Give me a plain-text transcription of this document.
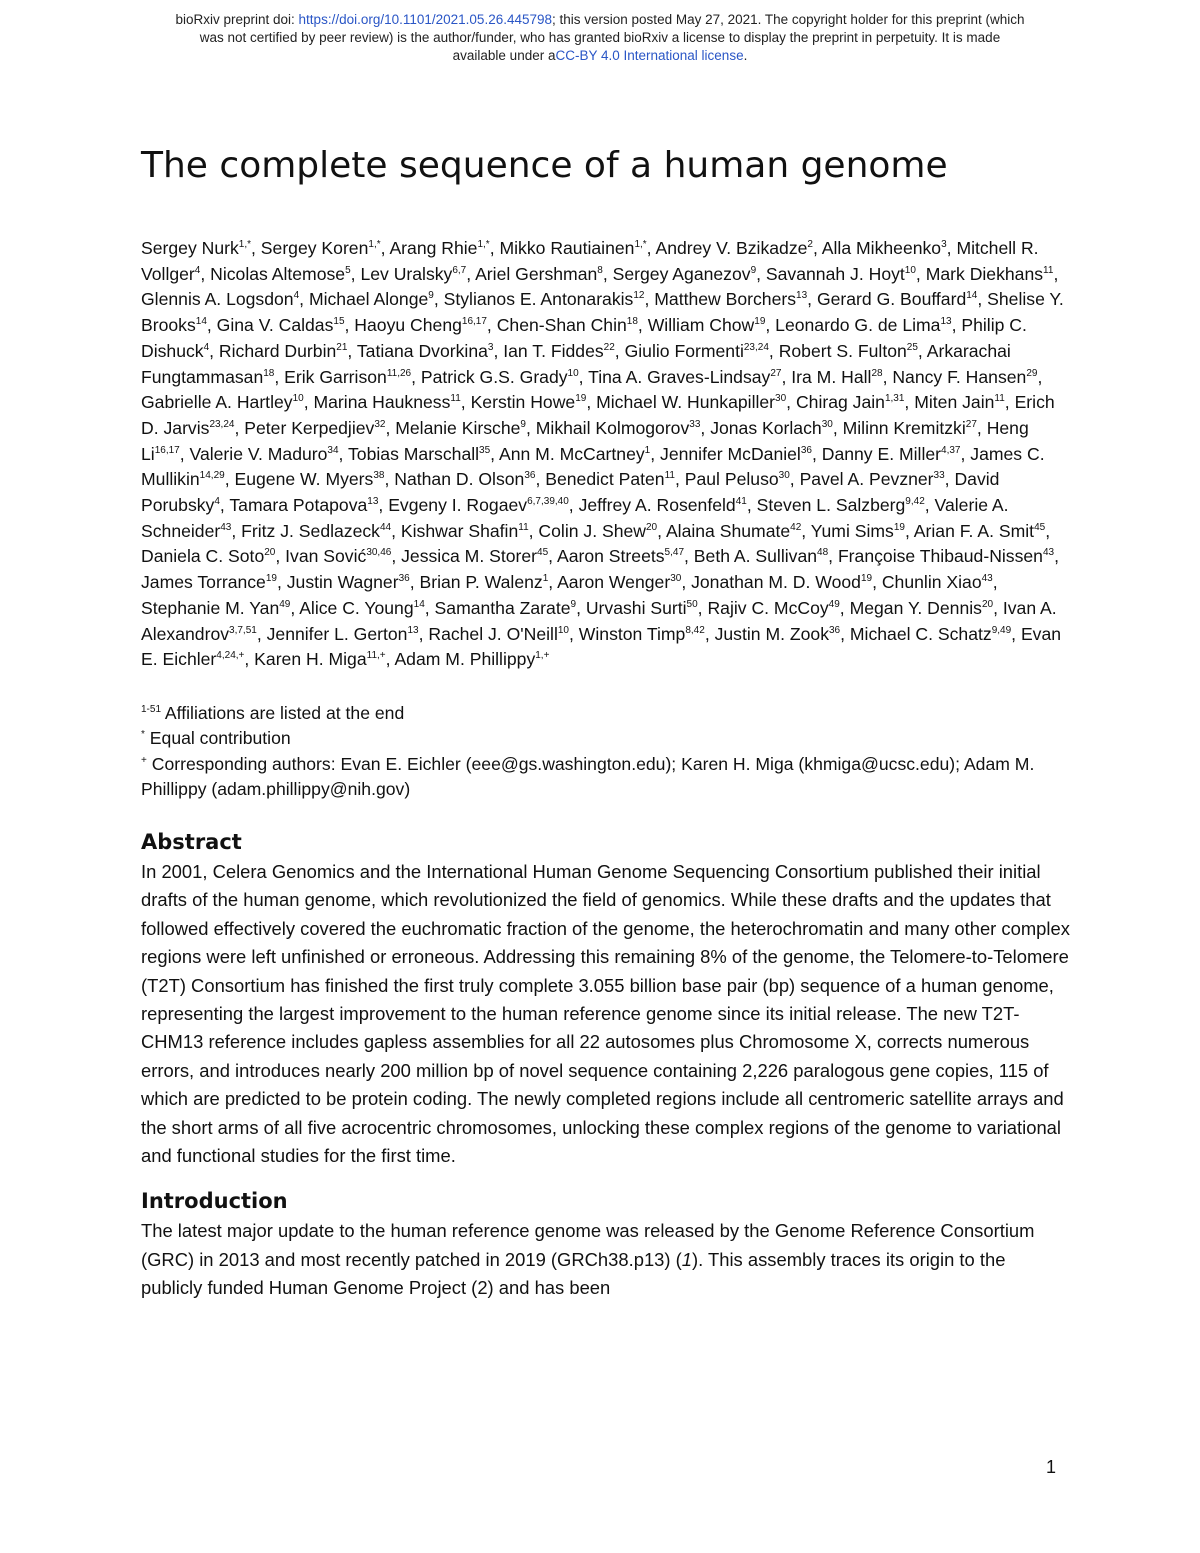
bioRxiv preprint doi: https://doi.org/10.1101/2021.05.26.445798; this version posted May 27, 2021. The copyright holder for this preprint (which
was not certified by peer review) is the author/funder, who has granted bioRxiv a license to display the preprint in perpetuity. It is made
available under aCC-BY 4.0 International license.
The complete sequence of a human genome

Sergey Nurk$^{1,*}$, Sergey Koren$^{1,*}$, Arang Rhie$^{1,*}$, Mikko Rautiainen$^{1,*}$, Andrey V. Bzikadze$^2$, Alla Mikheenko$^3$, Mitchell R. Vollger$^4$, Nicolas Altemose$^5$, Lev Uralsky$^{6,7}$, Ariel Gershman$^8$, Sergey Aganezov$^9$, Savannah J. Hoyt$^{10}$, Mark Diekhans$^{11}$, Glennis A. Logsdon$^4$, Michael Alonge$^9$, Stylianos E. Antonarakis$^{12}$, Matthew Borchers$^{13}$, Gerard G. Bouffard$^{14}$, Shelise Y. Brooks$^{14}$, Gina V. Caldas$^{15}$, Haoyu Cheng$^{16,17}$, Chen-Shan Chin$^{18}$, William Chow$^{19}$, Leonardo G. de Lima$^{13}$, Philip C. Dishuck$^4$, Richard Durbin$^{21}$, Tatiana Dvorkina$^3$, Ian T. Fiddes$^{22}$, Giulio Formenti$^{23,24}$, Robert S. Fulton$^{25}$, Arkarachai Fungtammasan$^{18}$, Erik Garrison$^{11,26}$, Patrick G.S. Grady$^{10}$, Tina A. Graves-Lindsay$^{27}$, Ira M. Hall$^{28}$, Nancy F. Hansen$^{29}$, Gabrielle A. Hartley$^{10}$, Marina Haukness$^{11}$, Kerstin Howe$^{19}$, Michael W. Hunkapiller$^{30}$, Chirag Jain$^{1,31}$, Miten Jain$^{11}$, Erich D. Jarvis$^{23,24}$, Peter Kerpedjiev$^{32}$, Melanie Kirsche$^9$, Mikhail Kolmogorov$^{33}$, Jonas Korlach$^{30}$, Milinn Kremitzki$^{27}$, Heng Li$^{16,17}$, Valerie V. Maduro$^{34}$, Tobias Marschall$^{35}$, Ann M. McCartney$^1$, Jennifer McDaniel$^{36}$, Danny E. Miller$^{4,37}$, James C. Mullikin$^{14,29}$, Eugene W. Myers$^{38}$, Nathan D. Olson$^{36}$, Benedict Paten$^{11}$, Paul Peluso$^{30}$, Pavel A. Pevzner$^{33}$, David Porubsky$^4$, Tamara Potapova$^{13}$, Evgeny I. Rogaev$^{6,7,39,40}$, Jeffrey A. Rosenfeld$^{41}$, Steven L. Salzberg$^{9,42}$, Valerie A. Schneider$^{43}$, Fritz J. Sedlazeck$^{44}$, Kishwar Shafin$^{11}$, Colin J. Shew$^{20}$, Alaina Shumate$^{42}$, Yumi Sims$^{19}$, Arian F. A. Smit$^{45}$, Daniela C. Soto$^{20}$, Ivan Sović$^{30,46}$, Jessica M. Storer$^{45}$, Aaron Streets$^{5,47}$, Beth A. Sullivan$^{48}$, Françoise Thibaud-Nissen$^{43}$, James Torrance$^{19}$, Justin Wagner$^{36}$, Brian P. Walenz$^1$, Aaron Wenger$^{30}$, Jonathan M. D. Wood$^{19}$, Chunlin Xiao$^{43}$, Stephanie M. Yan$^{49}$, Alice C. Young$^{14}$, Samantha Zarate$^9$, Urvashi Surti$^{50}$, Rajiv C. McCoy$^{49}$, Megan Y. Dennis$^{20}$, Ivan A. Alexandrov$^{3,7,51}$, Jennifer L. Gerton$^{13}$, Rachel J. O'Neill$^{10}$, Winston Timp$^{8,42}$, Justin M. Zook$^{36}$, Michael C. Schatz$^{9,49}$, Evan E. Eichler$^{4,24,+}$, Karen H. Miga$^{11,+}$, Adam M. Phillippy$^{1,+}$

$^{1-51}$ Affiliations are listed at the end
* Equal contribution
+ Corresponding authors: Evan E. Eichler (eee@gs.washington.edu); Karen H. Miga (khmiga@ucsc.edu); Adam M. Phillippy (adam.phillippy@nih.gov)
Abstract

In 2001, Celera Genomics and the International Human Genome Sequencing Consortium published their initial drafts of the human genome, which revolutionized the field of genomics. While these drafts and the updates that followed effectively covered the euchromatic fraction of the genome, the heterochromatin and many other complex regions were left unfinished or erroneous. Addressing this remaining 8% of the genome, the Telomere-to-Telomere (T2T) Consortium has finished the first truly complete 3.055 billion base pair (bp) sequence of a human genome, representing the largest improvement to the human reference genome since its initial release. The new T2T-CHM13 reference includes gapless assemblies for all 22 autosomes plus Chromosome X, corrects numerous errors, and introduces nearly 200 million bp of novel sequence containing 2,226 paralogous gene copies, 115 of which are predicted to be protein coding. The newly completed regions include all centromeric satellite arrays and the short arms of all five acrocentric chromosomes, unlocking these complex regions of the genome to variational and functional studies for the first time.

Introduction

The latest major update to the human reference genome was released by the Genome Reference Consortium (GRC) in 2013 and most recently patched in 2019 (GRCh38.p13) (1). This assembly traces its origin to the publicly funded Human Genome Project (2) and has been

1
